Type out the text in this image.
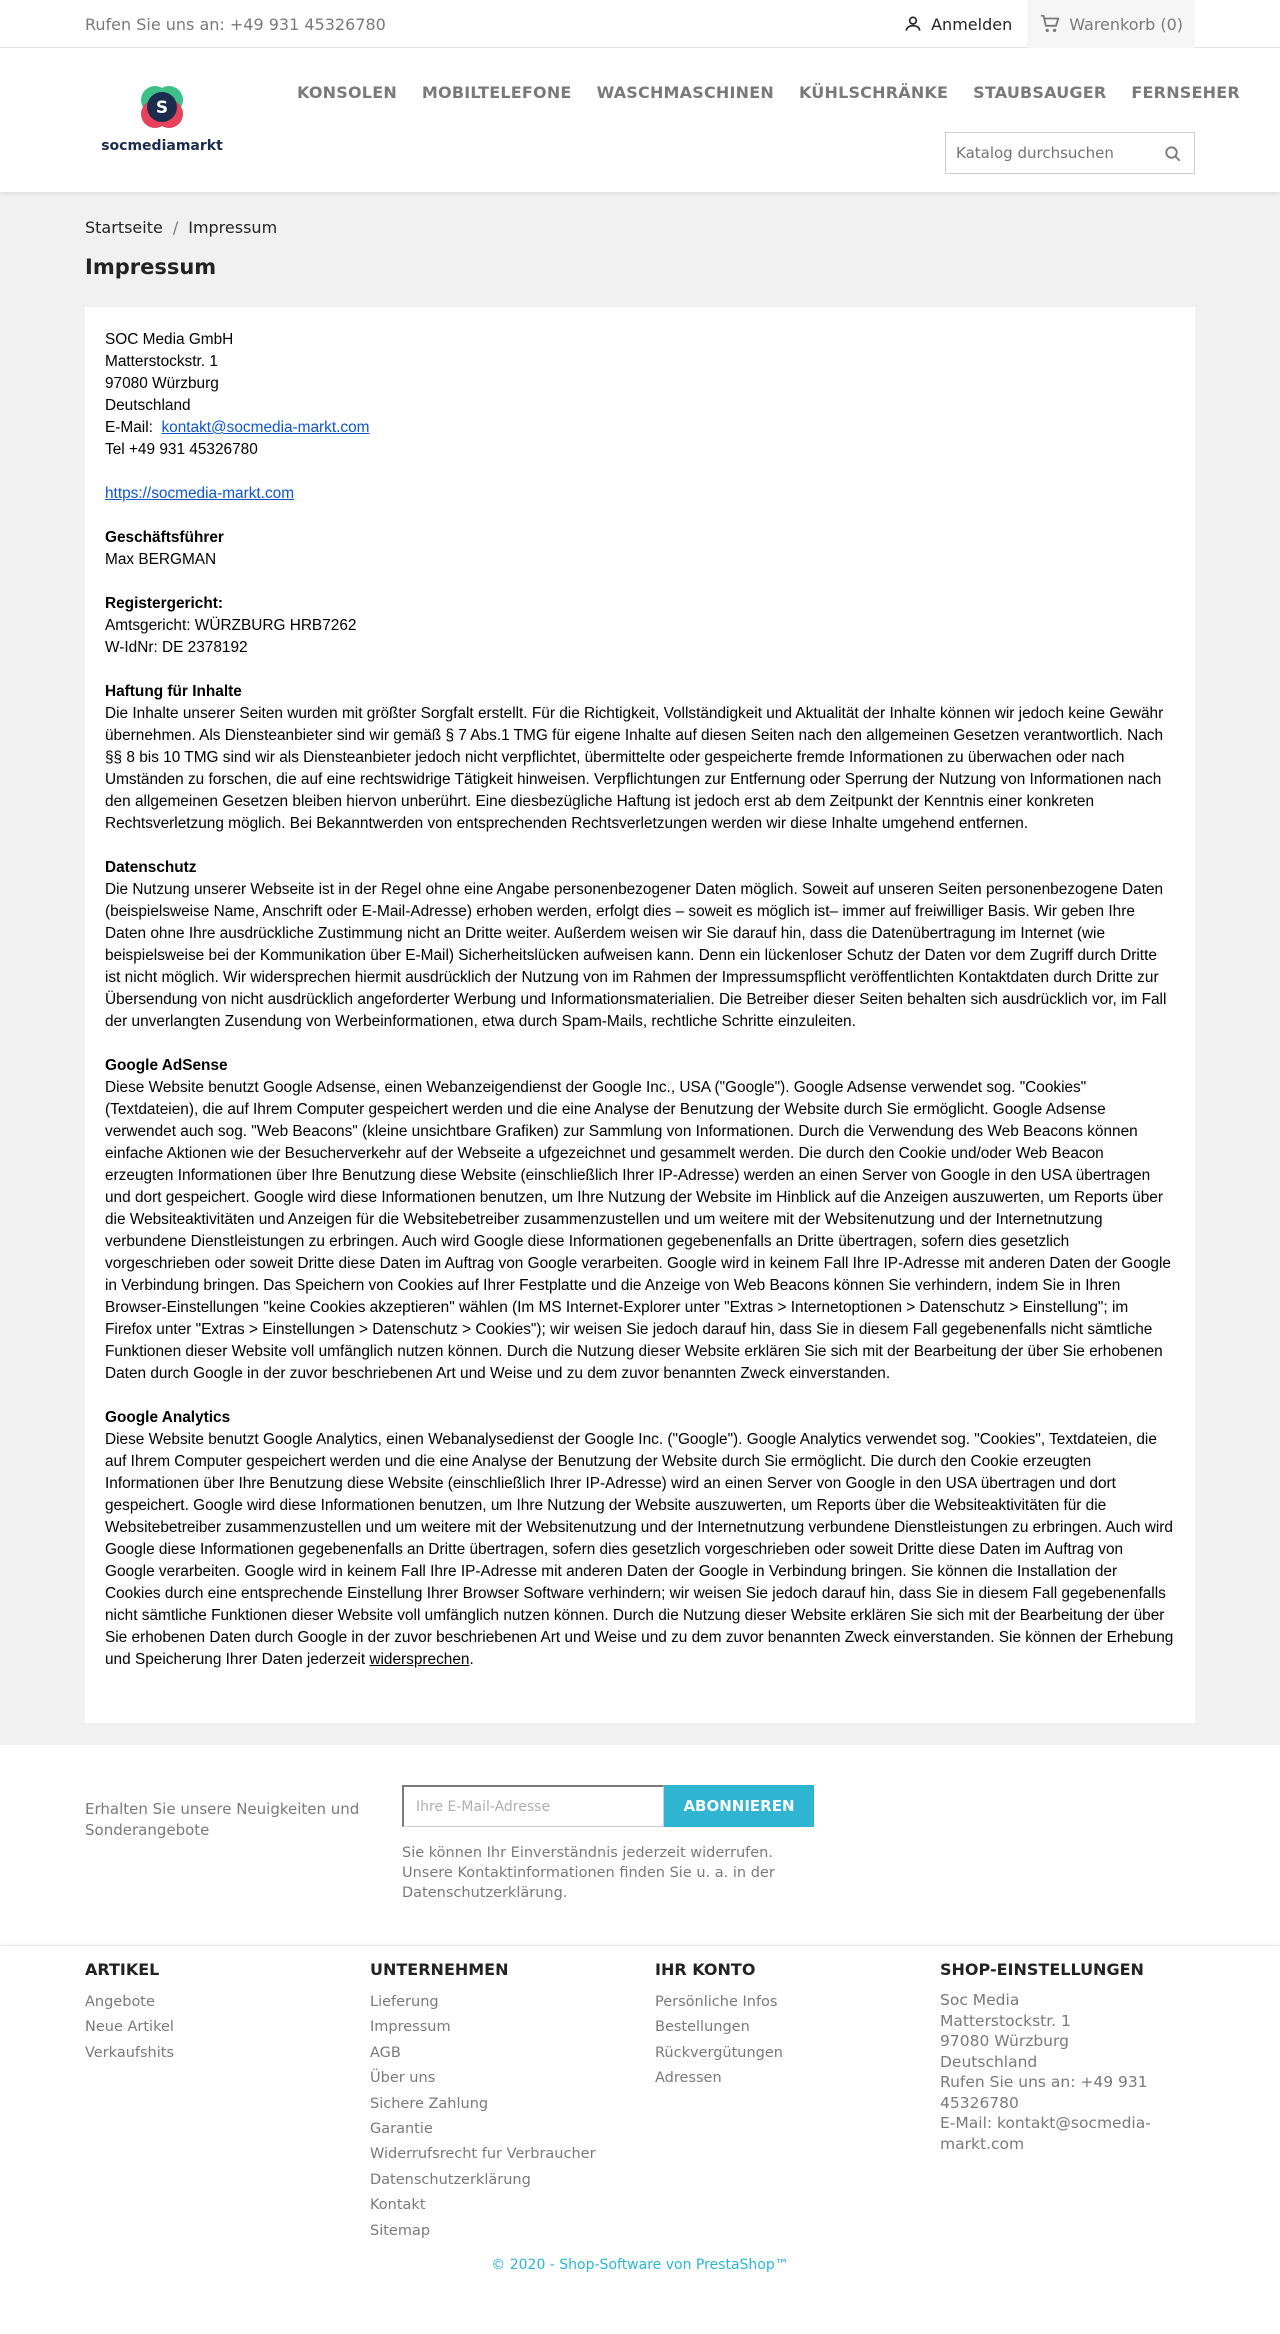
Rufen Sie uns an: +49 931 45326780	Anmelden	Warenkorb (0)
S
socmediamarkt
KONSOLEN MOBILTELEFONE WASCHMASCHINEN KÜHLSCHRÄNKE STAUBSAUGER FERNSEHER
Katalog durchsuchen
Startseite / Impressum
Impressum

SOC Media GmbH
Matterstockstr. 1
97080 Würzburg
Deutschland
E-Mail:  kontakt@socmedia-markt.com
Tel +49 931 45326780

https://socmedia-markt.com

Geschäftsführer
Max BERGMAN

Registergericht:
Amtsgericht: WÜRZBURG HRB7262
W-IdNr: DE 2378192

Haftung für Inhalte
Die Inhalte unserer Seiten wurden mit größter Sorgfalt erstellt. Für die Richtigkeit, Vollständigkeit und Aktualität der Inhalte können wir jedoch keine Gewähr übernehmen. Als Diensteanbieter sind wir gemäß § 7 Abs.1 TMG für eigene Inhalte auf diesen Seiten nach den allgemeinen Gesetzen verantwortlich. Nach §§ 8 bis 10 TMG sind wir als Diensteanbieter jedoch nicht verpflichtet, übermittelte oder gespeicherte fremde Informationen zu überwachen oder nach Umständen zu forschen, die auf eine rechtswidrige Tätigkeit hinweisen. Verpflichtungen zur Entfernung oder Sperrung der Nutzung von Informationen nach den allgemeinen Gesetzen bleiben hiervon unberührt. Eine diesbezügliche Haftung ist jedoch erst ab dem Zeitpunkt der Kenntnis einer konkreten Rechtsverletzung möglich. Bei Bekanntwerden von entsprechenden Rechtsverletzungen werden wir diese Inhalte umgehend entfernen.

Datenschutz
Die Nutzung unserer Webseite ist in der Regel ohne eine Angabe personenbezogener Daten möglich. Soweit auf unseren Seiten personenbezogene Daten (beispielsweise Name, Anschrift oder E-Mail-Adresse) erhoben werden, erfolgt dies – soweit es möglich ist– immer auf freiwilliger Basis. Wir geben Ihre Daten ohne Ihre ausdrückliche Zustimmung nicht an Dritte weiter. Außerdem weisen wir Sie darauf hin, dass die Datenübertragung im Internet (wie beispielsweise bei der Kommunikation über E-Mail) Sicherheitslücken aufweisen kann. Denn ein lückenloser Schutz der Daten vor dem Zugriff durch Dritte ist nicht möglich. Wir widersprechen hiermit ausdrücklich der Nutzung von im Rahmen der Impressumspflicht veröffentlichten Kontaktdaten durch Dritte zur Übersendung von nicht ausdrücklich angeforderter Werbung und Informationsmaterialien. Die Betreiber dieser Seiten behalten sich ausdrücklich vor, im Fall der unverlangten Zusendung von Werbeinformationen, etwa durch Spam-Mails, rechtliche Schritte einzuleiten.

Google AdSense
Diese Website benutzt Google Adsense, einen Webanzeigendienst der Google Inc., USA ("Google"). Google Adsense verwendet sog. "Cookies" (Textdateien), die auf Ihrem Computer gespeichert werden und die eine Analyse der Benutzung der Website durch Sie ermöglicht. Google Adsense verwendet auch sog. "Web Beacons" (kleine unsichtbare Grafiken) zur Sammlung von Informationen. Durch die Verwendung des Web Beacons können einfache Aktionen wie der Besucherverkehr auf der Webseite a ufgezeichnet und gesammelt werden. Die durch den Cookie und/oder Web Beacon erzeugten Informationen über Ihre Benutzung diese Website (einschließlich Ihrer IP-Adresse) werden an einen Server von Google in den USA übertragen und dort gespeichert. Google wird diese Informationen benutzen, um Ihre Nutzung der Website im Hinblick auf die Anzeigen auszuwerten, um Reports über die Websiteaktivitäten und Anzeigen für die Websitebetreiber zusammenzustellen und um weitere mit der Websitenutzung und der Internetnutzung verbundene Dienstleistungen zu erbringen. Auch wird Google diese Informationen gegebenenfalls an Dritte übertragen, sofern dies gesetzlich vorgeschrieben oder soweit Dritte diese Daten im Auftrag von Google verarbeiten. Google wird in keinem Fall Ihre IP-Adresse mit anderen Daten der Google in Verbindung bringen. Das Speichern von Cookies auf Ihrer Festplatte und die Anzeige von Web Beacons können Sie verhindern, indem Sie in Ihren Browser-Einstellungen "keine Cookies akzeptieren" wählen (Im MS Internet-Explorer unter "Extras > Internetoptionen > Datenschutz > Einstellung"; im Firefox unter "Extras > Einstellungen > Datenschutz > Cookies"); wir weisen Sie jedoch darauf hin, dass Sie in diesem Fall gegebenenfalls nicht sämtliche Funktionen dieser Website voll umfänglich nutzen können. Durch die Nutzung dieser Website erklären Sie sich mit der Bearbeitung der über Sie erhobenen Daten durch Google in der zuvor beschriebenen Art und Weise und zu dem zuvor benannten Zweck einverstanden.

Google Analytics
Diese Website benutzt Google Analytics, einen Webanalysedienst der Google Inc. ("Google"). Google Analytics verwendet sog. "Cookies", Textdateien, die auf Ihrem Computer gespeichert werden und die eine Analyse der Benutzung der Website durch Sie ermöglicht. Die durch den Cookie erzeugten Informationen über Ihre Benutzung diese Website (einschließlich Ihrer IP-Adresse) wird an einen Server von Google in den USA übertragen und dort gespeichert. Google wird diese Informationen benutzen, um Ihre Nutzung der Website auszuwerten, um Reports über die Websiteaktivitäten für die Websitebetreiber zusammenzustellen und um weitere mit der Websitenutzung und der Internetnutzung verbundene Dienstleistungen zu erbringen. Auch wird Google diese Informationen gegebenenfalls an Dritte übertragen, sofern dies gesetzlich vorgeschrieben oder soweit Dritte diese Daten im Auftrag von Google verarbeiten. Google wird in keinem Fall Ihre IP-Adresse mit anderen Daten der Google in Verbindung bringen. Sie können die Installation der Cookies durch eine entsprechende Einstellung Ihrer Browser Software verhindern; wir weisen Sie jedoch darauf hin, dass Sie in diesem Fall gegebenenfalls nicht sämtliche Funktionen dieser Website voll umfänglich nutzen können. Durch die Nutzung dieser Website erklären Sie sich mit der Bearbeitung der über Sie erhobenen Daten durch Google in der zuvor beschriebenen Art und Weise und zu dem zuvor benannten Zweck einverstanden. Sie können der Erhebung und Speicherung Ihrer Daten jederzeit widersprechen.

Erhalten Sie unsere Neuigkeiten und Sonderangebote
Ihre E-Mail-Adresse	ABONNIEREN
Sie können Ihr Einverständnis jederzeit widerrufen. Unsere Kontaktinformationen finden Sie u. a. in der Datenschutzerklärung.
ARTIKEL
Angebote
Neue Artikel
Verkaufshits
UNTERNEHMEN
Lieferung
Impressum
AGB
Über uns
Sichere Zahlung
Garantie
Widerrufsrecht fur Verbraucher
Datenschutzerklärung
Kontakt
Sitemap
IHR KONTO
Persönliche Infos
Bestellungen
Rückvergütungen
Adressen
SHOP-EINSTELLUNGEN
Soc Media
Matterstockstr. 1
97080 Würzburg
Deutschland
Rufen Sie uns an: +49 931 45326780
E-Mail: kontakt@socmedia-markt.com
© 2020 - Shop-Software von PrestaShop™
